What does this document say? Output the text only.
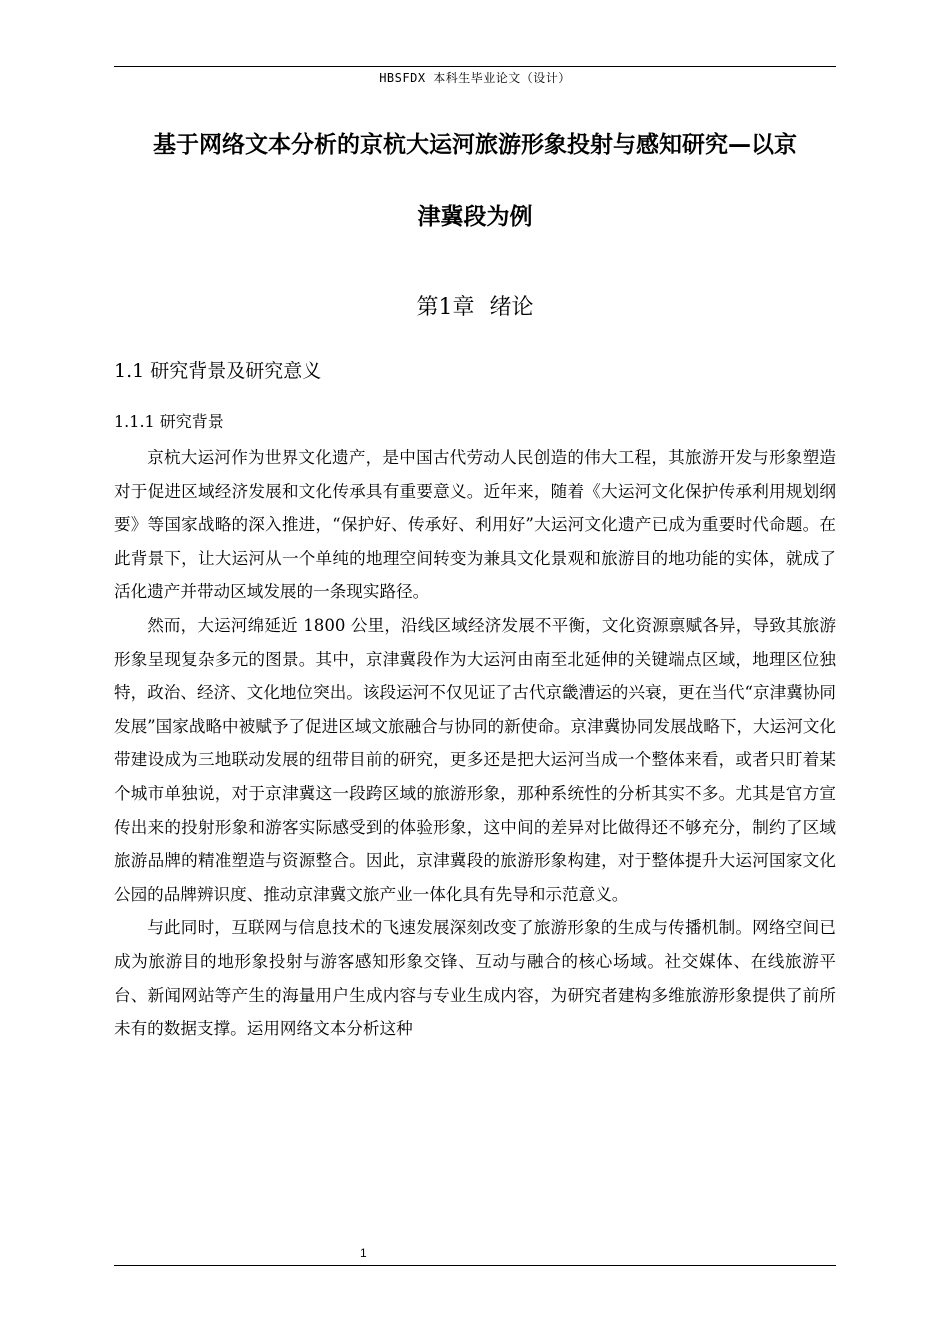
HBSFDX 本科生毕业论文（设计）
基于网络文本分析的京杭大运河旅游形象投射与感知研究—以京
津冀段为例
第1章 绪论
1.1 研究背景及研究意义
1.1.1 研究背景

京杭大运河作为世界文化遗产，是中国古代劳动人民创造的伟大工程，其旅游开发与形象塑造对于促进区域经济发展和文化传承具有重要意义。近年来，随着《大运河文化保护传承利用规划纲要》等国家战略的深入推进，“保护好、传承好、利用好”大运河文化遗产已成为重要时代命题。在此背景下，让大运河从一个单纯的地理空间转变为兼具文化景观和旅游目的地功能的实体，就成了活化遗产并带动区域发展的一条现实路径。

然而，大运河绵延近 1800 公里，沿线区域经济发展不平衡，文化资源禀赋各异，导致其旅游形象呈现复杂多元的图景。其中，京津冀段作为大运河由南至北延伸的关键端点区域，地理区位独特，政治、经济、文化地位突出。该段运河不仅见证了古代京畿漕运的兴衰，更在当代“京津冀协同发展”国家战略中被赋予了促进区域文旅融合与协同的新使命。京津冀协同发展战略下，大运河文化带建设成为三地联动发展的纽带目前的研究，更多还是把大运河当成一个整体来看，或者只盯着某个城市单独说，对于京津冀这一段跨区域的旅游形象，那种系统性的分析其实不多。尤其是官方宣传出来的投射形象和游客实际感受到的体验形象，这中间的差异对比做得还不够充分，制约了区域旅游品牌的精准塑造与资源整合。因此，京津冀段的旅游形象构建，对于整体提升大运河国家文化公园的品牌辨识度、推动京津冀文旅产业一体化具有先导和示范意义。

与此同时，互联网与信息技术的飞速发展深刻改变了旅游形象的生成与传播机制。网络空间已成为旅游目的地形象投射与游客感知形象交锋、互动与融合的核心场域。社交媒体、在线旅游平台、新闻网站等产生的海量用户生成内容与专业生成内容，为研究者建构多维旅游形象提供了前所未有的数据支撑。运用网络文本分析这种

1
